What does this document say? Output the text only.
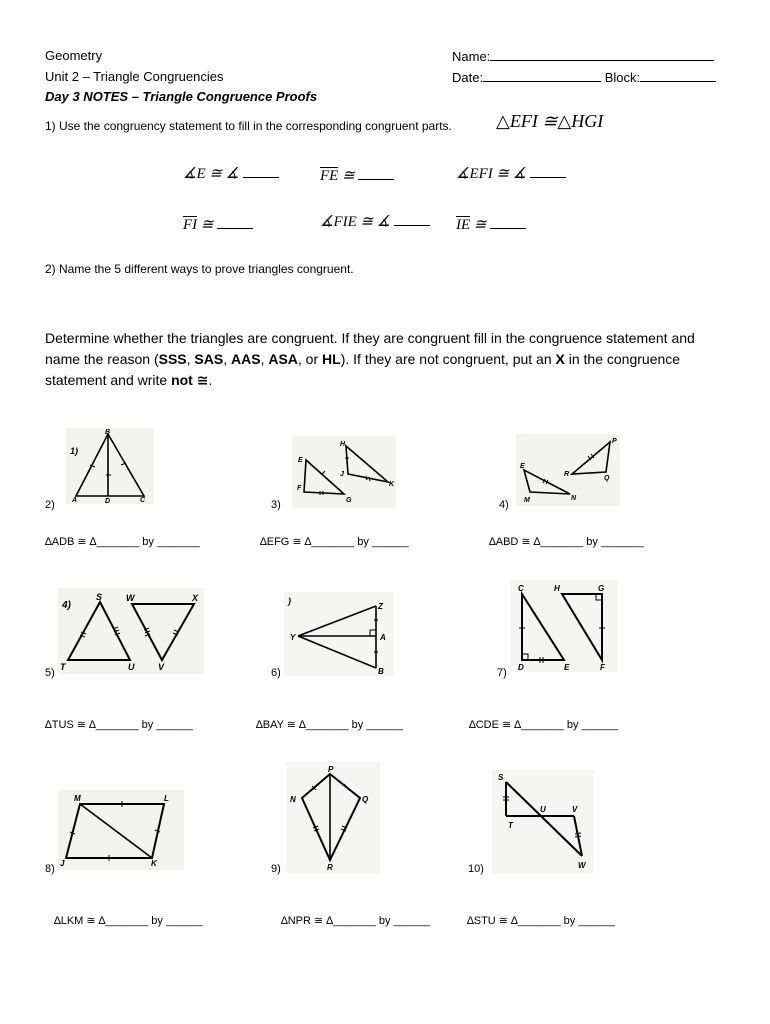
Geometry
Unit 2 – Triangle Congruencies
Day 3 NOTES – Triangle Congruence Proofs
Name:
Date:	Block:
1) Use the congruency statement to fill in the corresponding congruent parts. △EFI ≅△HGI
∡E ≅ ∡	FE ≅	∡EFI ≅ ∡
FI ≅	∡FIE ≅ ∡	IE ≅
2) Name the 5 different ways to prove triangles congruent.
Determine whether the triangles are congruent. If they are congruent fill in the congruence statement and name the reason (SSS, SAS, AAS, ASA, or HL). If they are not congruent, put an X in the congruence statement and write not ≅.
1)
B
A	D	C
H
E
J
F
G
K
P
E
R
Q
M	N
2)	3)	4)
∆ADB ≅ ∆_______ by _______	∆EFG ≅ ∆_______ by ______	∆ABD ≅ ∆_______ by _______
4)
S	W	X
T	U	V
)
Z
Y	A
B
C	H	G
D	E	F
5)	6)	7)
∆TUS ≅ ∆_______ by ______	∆BAY ≅ ∆_______ by ______	∆CDE ≅ ∆_______ by ______
M	L
J	K
P
N	Q
R
S
U	V
T
W
8)	9)	10)
∆LKM ≅ ∆_______ by ______	∆NPR ≅ ∆_______ by ______	∆STU ≅ ∆_______ by ______
